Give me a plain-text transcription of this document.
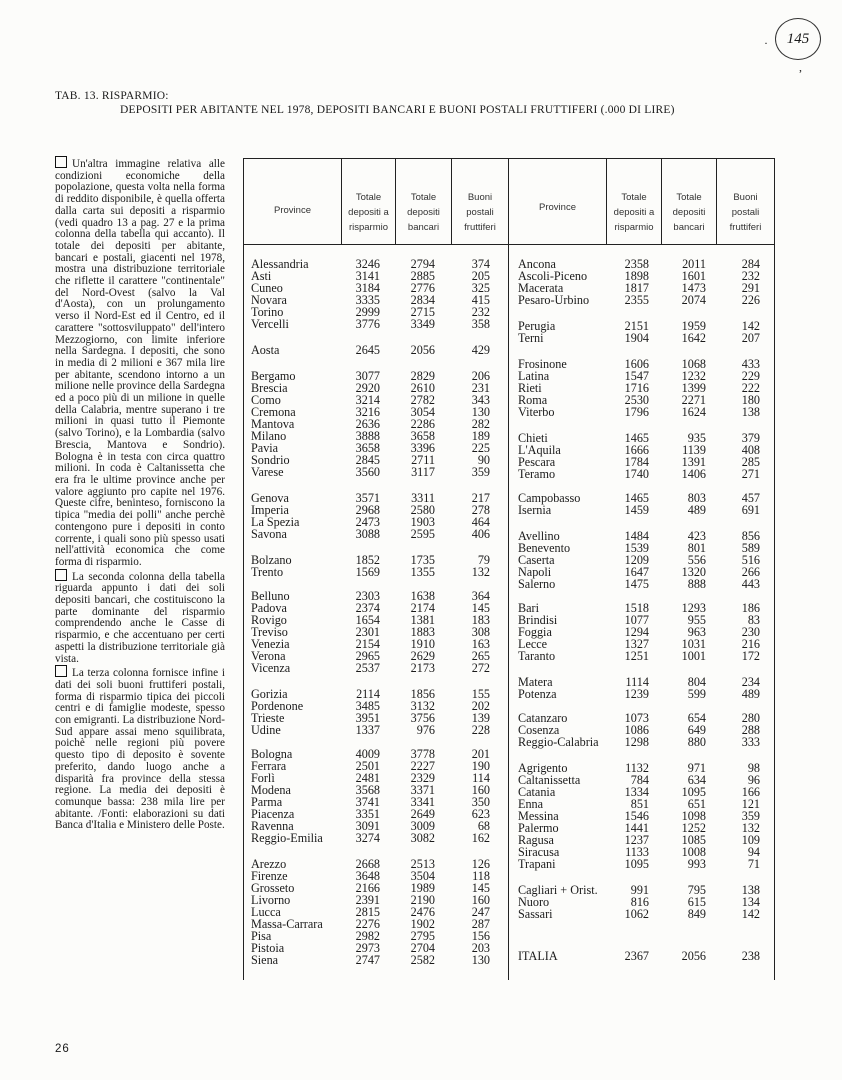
145
·
,
TAB. 13. RISPARMIO:
DEPOSITI PER ABITANTE NEL 1978, DEPOSITI BANCARI E BUONI POSTALI FRUTTIFERI (.000 DI LIRE)

Un'altra immagine relativa alle condizioni economiche della popolazione, questa volta nella forma di reddito disponibile, è quella offerta dalla carta sui depositi a risparmio (vedi quadro 13 a pag. 27 e la prima colonna della tabella qui accanto). Il totale dei depositi per abitante, bancari e postali, giacenti nel 1978, mostra una distribuzione territoriale che riflette il carattere "continentale" del Nord-Ovest (salvo la Val d'Aosta), con un prolungamento verso il Nord-Est ed il Centro, ed il carattere "sottosviluppato" dell'intero Mezzogiorno, con limite inferiore nella Sardegna. I depositi, che sono in media di 2 milioni e 367 mila lire per abitante, scendono intorno a un milione nelle province della Sardegna ed a poco più di un milione in quelle della Calabria, mentre superano i tre milioni in quasi tutto il Piemonte (salvo Torino), e la Lombardia (salvo Brescia, Mantova e Sondrio). Bologna è in testa con circa quattro milioni. In coda è Caltanissetta che era fra le ultime province anche per valore aggiunto pro capite nel 1976. Queste cifre, beninteso, forniscono la tipica "media dei polli" anche perchè contengono pure i depositi in conto corrente, i quali sono più spesso usati nell'attività economica che come forma di risparmio.

La seconda colonna della tabella riguarda appunto i dati dei soli depositi bancari, che costituiscono la parte dominante del risparmio comprendendo anche le Casse di risparmio, e che accentuano per certi aspetti la distribuzione territoriale già vista.

La terza colonna fornisce infine i dati dei soli buoni fruttiferi postali, forma di risparmio tipica dei piccoli centri e di famiglie modeste, spesso con emigranti. La distribuzione Nord-Sud appare assai meno squilibrata, poichè nelle regioni più povere questo tipo di deposito è sovente preferito, dando luogo anche a disparità fra province della stessa regione. La media dei depositi è comunque bassa: 238 mila lire per abitante. /Fonti: elaborazioni su dati Banca d'Italia e Ministero delle Poste.

Province
Totale
depositi a
risparmio
Totale
depositi
bancari
Buoni
postali
fruttiferi
Province
Totale
depositi a
risparmio
Totale
depositi
bancari
Buoni
postali
fruttiferi
Alessandria	3246	2794	374
Asti	3141	2885	205
Cuneo	3184	2776	325
Novara	3335	2834	415
Torino	2999	2715	232
Vercelli	3776	3349	358
Aosta	2645	2056	429
Bergamo	3077	2829	206
Brescia	2920	2610	231
Como	3214	2782	343
Cremona	3216	3054	130
Mantova	2636	2286	282
Milano	3888	3658	189
Pavia	3658	3396	225
Sondrio	2845	2711	90
Varese	3560	3117	359
Genova	3571	3311	217
Imperia	2968	2580	278
La Spezia	2473	1903	464
Savona	3088	2595	406
Bolzano	1852	1735	79
Trento	1569	1355	132
Belluno	2303	1638	364
Padova	2374	2174	145
Rovigo	1654	1381	183
Treviso	2301	1883	308
Venezia	2154	1910	163
Verona	2965	2629	265
Vicenza	2537	2173	272
Gorizia	2114	1856	155
Pordenone	3485	3132	202
Trieste	3951	3756	139
Udine	1337	976	228
Bologna	4009	3778	201
Ferrara	2501	2227	190
Forlì	2481	2329	114
Modena	3568	3371	160
Parma	3741	3341	350
Piacenza	3351	2649	623
Ravenna	3091	3009	68
Reggio-Emilia	3274	3082	162
Arezzo	2668	2513	126
Firenze	3648	3504	118
Grosseto	2166	1989	145
Livorno	2391	2190	160
Lucca	2815	2476	247
Massa-Carrara	2276	1902	287
Pisa	2982	2795	156
Pistoia	2973	2704	203
Siena	2747	2582	130
Ancona	2358	2011	284
Ascoli-Piceno	1898	1601	232
Macerata	1817	1473	291
Pesaro-Urbino	2355	2074	226
Perugia	2151	1959	142
Terni	1904	1642	207
Frosinone	1606	1068	433
Latina	1547	1232	229
Rieti	1716	1399	222
Roma	2530	2271	180
Viterbo	1796	1624	138
Chieti	1465	935	379
L'Aquila	1666	1139	408
Pescara	1784	1391	285
Teramo	1740	1406	271
Campobasso	1465	803	457
Isernia	1459	489	691
Avellino	1484	423	856
Benevento	1539	801	589
Caserta	1209	556	516
Napoli	1647	1320	266
Salerno	1475	888	443
Bari	1518	1293	186
Brindisi	1077	955	83
Foggia	1294	963	230
Lecce	1327	1031	216
Taranto	1251	1001	172
Matera	1114	804	234
Potenza	1239	599	489
Catanzaro	1073	654	280
Cosenza	1086	649	288
Reggio-Calabria	1298	880	333
Agrigento	1132	971	98
Caltanissetta	784	634	96
Catania	1334	1095	166
Enna	851	651	121
Messina	1546	1098	359
Palermo	1441	1252	132
Ragusa	1237	1085	109
Siracusa	1133	1008	94
Trapani	1095	993	71
Cagliari + Orist.	991	795	138
Nuoro	816	615	134
Sassari	1062	849	142
ITALIA	2367	2056	238
26
